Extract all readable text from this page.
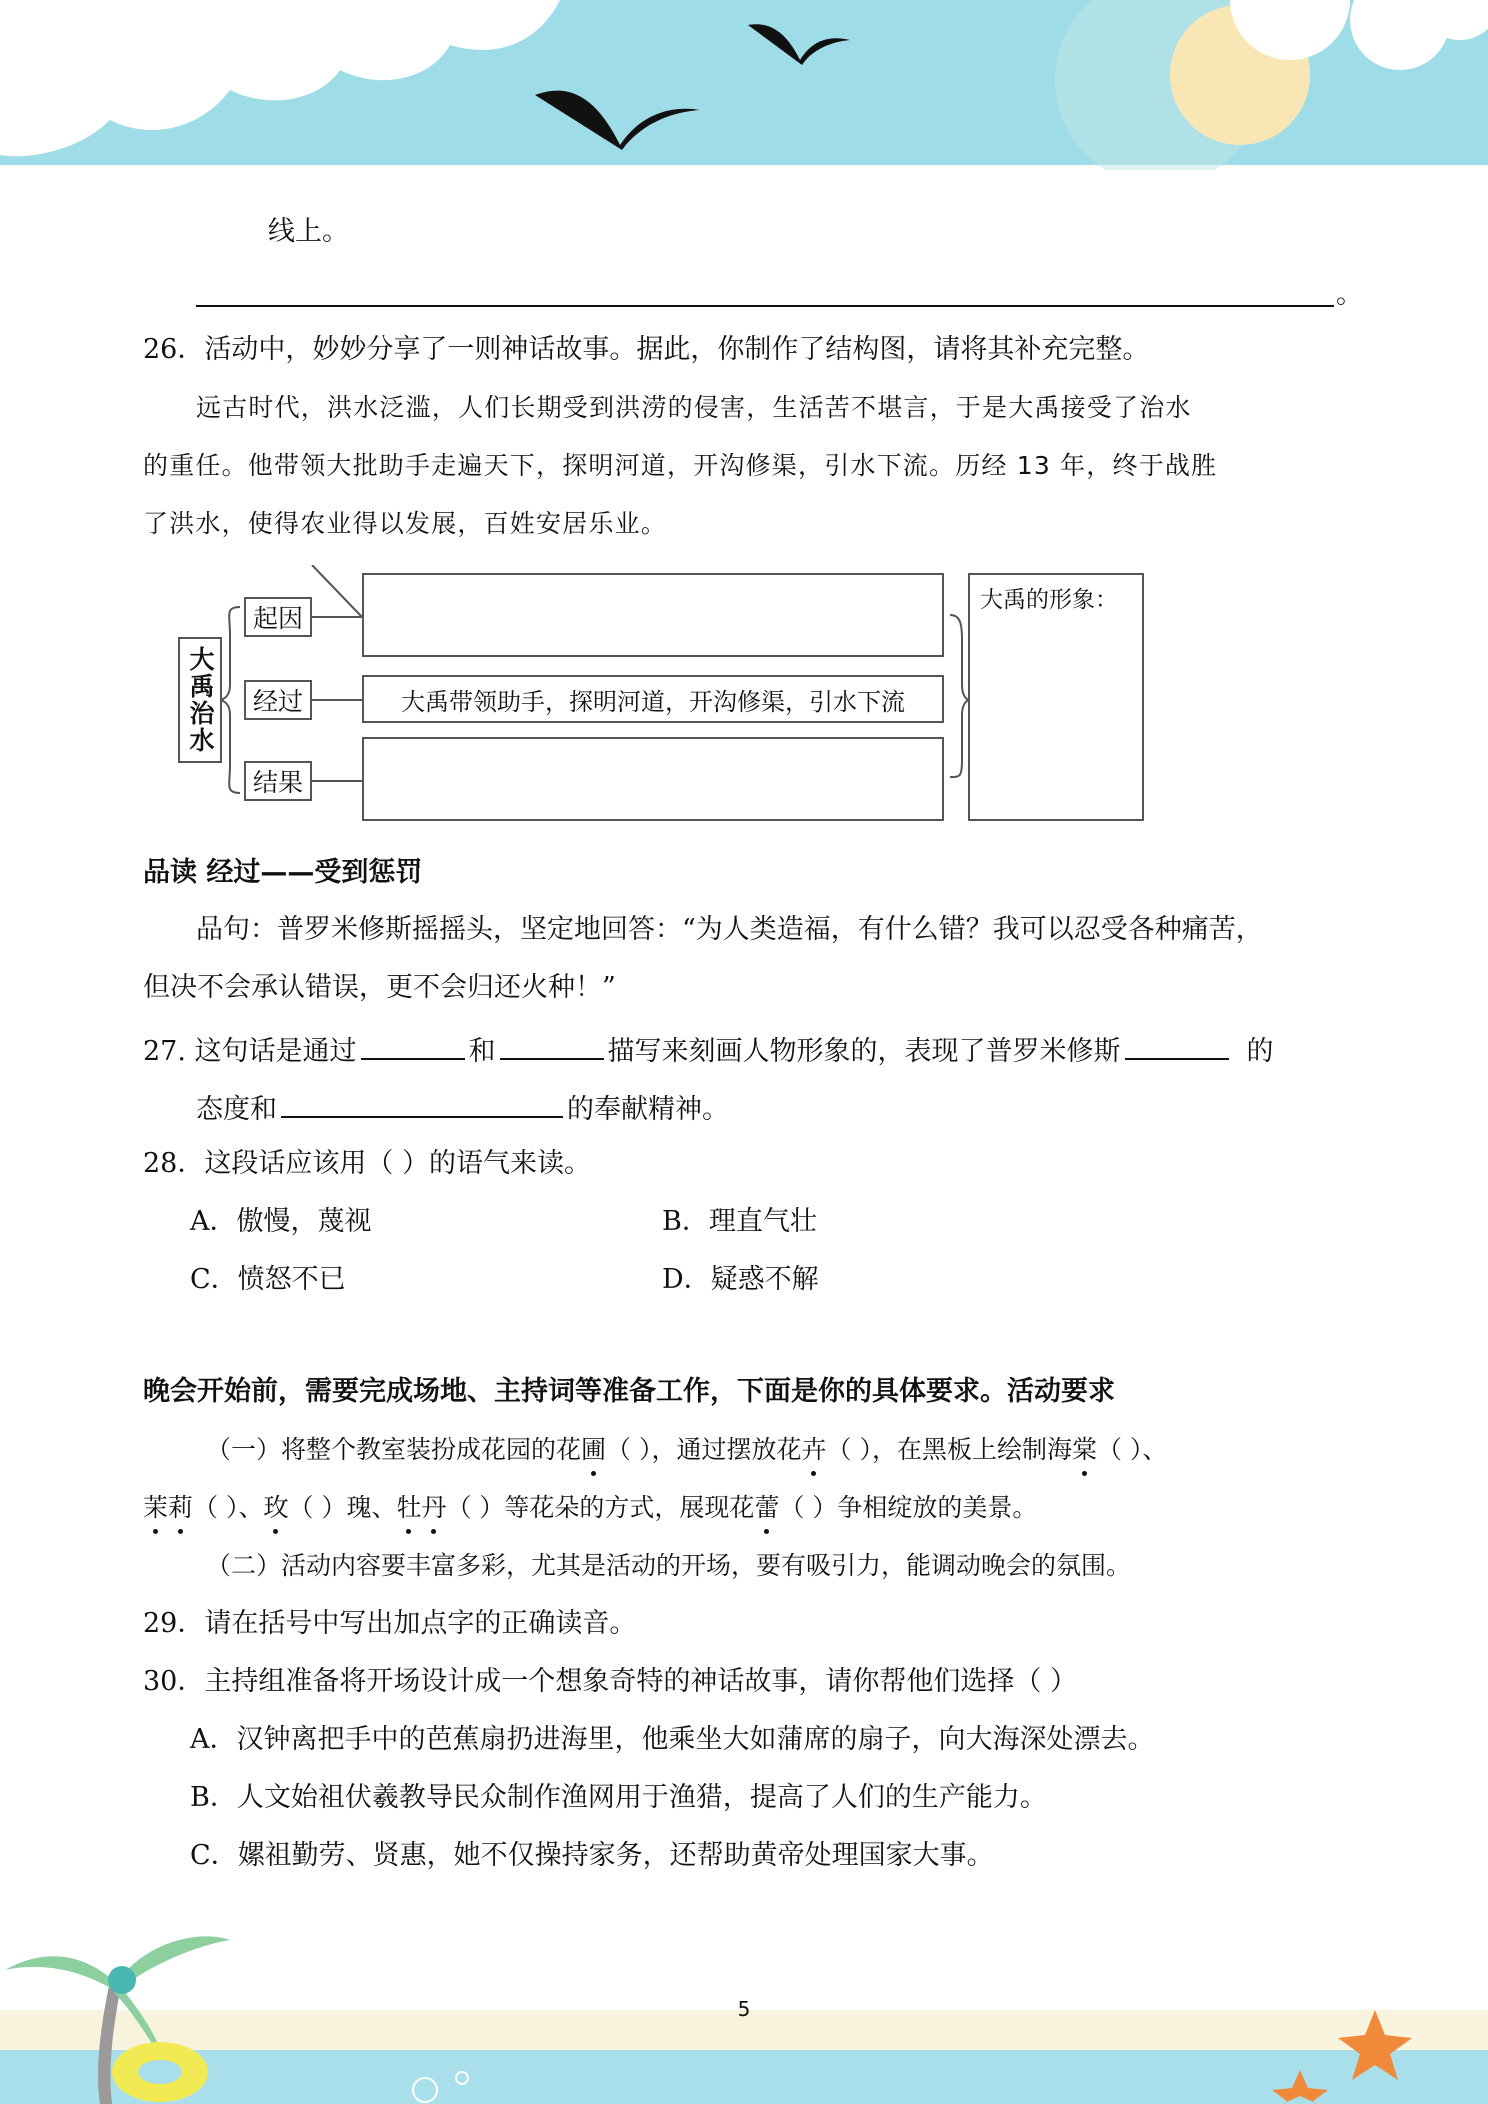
线上。
。
26．活动中，妙妙分享了一则神话故事。据此，你制作了结构图，请将其补充完整。
远古时代，洪水泛滥，人们长期受到洪涝的侵害，生活苦不堪言，于是大禹接受了治水
的重任。他带领大批助手走遍天下，探明河道，开沟修渠，引水下流。历经 13 年，终于战胜
了洪水，使得农业得以发展，百姓安居乐业。
大禹治水
起因
经过
结果
大禹带领助手，探明河道，开沟修渠，引水下流
大禹的形象：
品读 经过——受到惩罚
品句：普罗米修斯摇摇头，坚定地回答：“为人类造福，有什么错？我可以忍受各种痛苦，
但决不会承认错误，更不会归还火种！”
27. 这句话是通过	和	描写来刻画人物形象的，表现了普罗米修斯	的
态度和	的奉献精神。
28．这段话应该用（ ）的语气来读。
A．傲慢，蔑视	B．理直气壮
C．愤怒不已	D．疑惑不解
晚会开始前，需要完成场地、主持词等准备工作，下面是你的具体要求。活动要求
（一）将整个教室装扮成花园的花圃（ ），通过摆放花卉（ ），在黑板上绘制海棠（ ）、
茉莉（ ）、玫（ ）瑰、牡丹（ ）等花朵的方式，展现花蕾（ ）争相绽放的美景。
（二）活动内容要丰富多彩，尤其是活动的开场，要有吸引力，能调动晚会的氛围。
29．请在括号中写出加点字的正确读音。
30．主持组准备将开场设计成一个想象奇特的神话故事，请你帮他们选择（ ）
A．汉钟离把手中的芭蕉扇扔进海里，他乘坐大如蒲席的扇子，向大海深处漂去。
B．人文始祖伏羲教导民众制作渔网用于渔猎，提高了人们的生产能力。
C．嫘祖勤劳、贤惠，她不仅操持家务，还帮助黄帝处理国家大事。
5
